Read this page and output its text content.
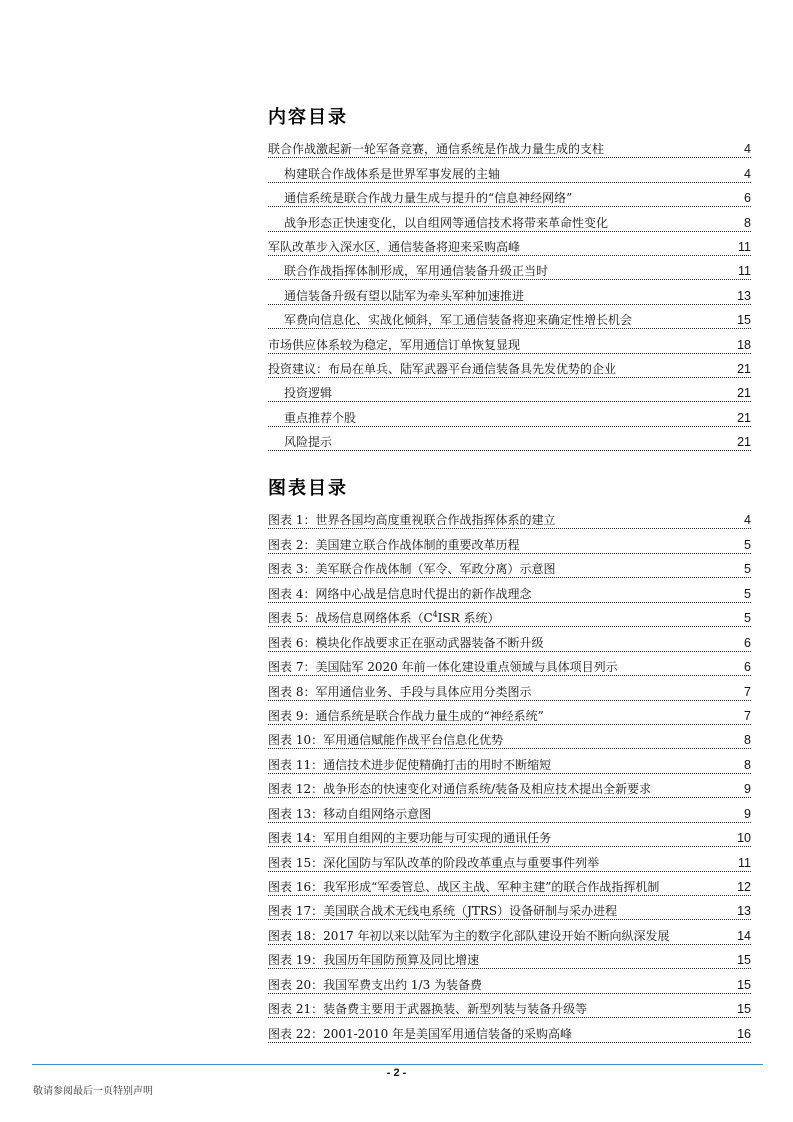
内容目录
联合作战激起新一轮军备竞赛，通信系统是作战力量生成的支柱	4
构建联合作战体系是世界军事发展的主轴	4
通信系统是联合作战力量生成与提升的“信息神经网络”	6
战争形态正快速变化，以自组网等通信技术将带来革命性变化	8
军队改革步入深水区，通信装备将迎来采购高峰	11
联合作战指挥体制形成，军用通信装备升级正当时	11
通信装备升级有望以陆军为牵头军种加速推进	13
军费向信息化、实战化倾斜，军工通信装备将迎来确定性增长机会	15
市场供应体系较为稳定，军用通信订单恢复显现	18
投资建议：布局在单兵、陆军武器平台通信装备具先发优势的企业	21
投资逻辑	21
重点推荐个股	21
风险提示	21
图表目录
图表 1：世界各国均高度重视联合作战指挥体系的建立	4
图表 2：美国建立联合作战体制的重要改革历程	5
图表 3：美军联合作战体制（军令、军政分离）示意图	5
图表 4：网络中心战是信息时代提出的新作战理念	5
图表 5：战场信息网络体系（$C^4ISR$ 系统）	5
图表 6：模块化作战要求正在驱动武器装备不断升级	6
图表 7：美国陆军 2020 年前一体化建设重点领域与具体项目列示	6
图表 8：军用通信业务、手段与具体应用分类图示	7
图表 9：通信系统是联合作战力量生成的“神经系统”	7
图表 10：军用通信赋能作战平台信息化优势	8
图表 11：通信技术进步促使精确打击的用时不断缩短	8
图表 12：战争形态的快速变化对通信系统/装备及相应技术提出全新要求	9
图表 13：移动自组网络示意图	9
图表 14：军用自组网的主要功能与可实现的通讯任务	10
图表 15：深化国防与军队改革的阶段改革重点与重要事件列举	11
图表 16：我军形成“军委管总、战区主战、军种主建”的联合作战指挥机制	12
图表 17：美国联合战术无线电系统（JTRS）设备研制与采办进程	13
图表 18：2017 年初以来以陆军为主的数字化部队建设开始不断向纵深发展	14
图表 19：我国历年国防预算及同比增速	15
图表 20：我国军费支出约 1/3 为装备费	15
图表 21：装备费主要用于武器换装、新型列装与装备升级等	15
图表 22：2001-2010 年是美国军用通信装备的采购高峰	16
- 2 -
敬请参阅最后一页特别声明
